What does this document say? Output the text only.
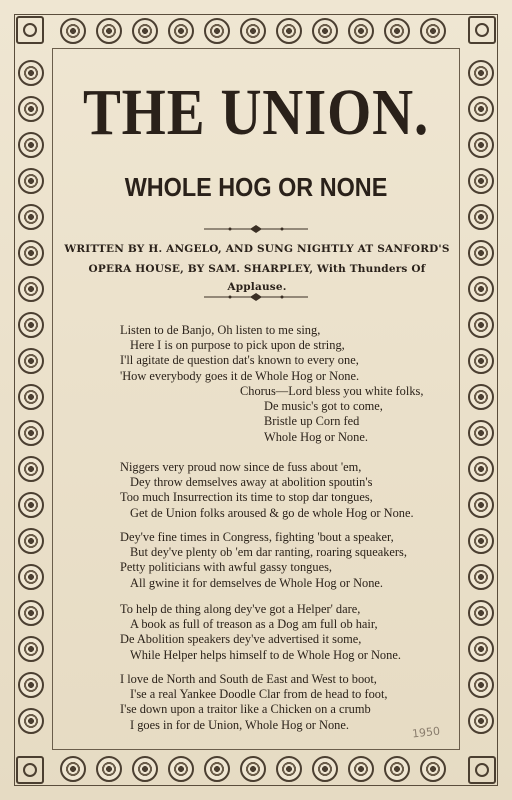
THE UNION.
WHOLE HOG OR NONE
WRITTEN BY H. ANGELO, AND SUNG NIGHTLY AT SANFORD'S
OPERA HOUSE, BY SAM. SHARPLEY, With Thunders Of Applause.
Listen to de Banjo, Oh listen to me sing,
Here I is on purpose to pick upon de string,
I'll agitate de question dat's known to every one,
'How everybody goes it de Whole Hog or None.
Chorus—Lord bless you white folks,
De music's got to come,
Bristle up Corn fed
Whole Hog or None.
Niggers very proud now since de fuss about 'em,
Dey throw demselves away at abolition spoutin's
Too much Insurrection its time to stop dar tongues,
Get de Union folks aroused & go de whole Hog or None.
Dey've fine times in Congress, fighting 'bout a speaker,
But dey've plenty ob 'em dar ranting, roaring squeakers,
Petty politicians with awful gassy tongues,
All gwine it for demselves de Whole Hog or None.
To help de thing along dey've got a Helper' dare,
A book as full of treason as a Dog am full ob hair,
De Abolition speakers dey've advertised it some,
While Helper helps himself to de Whole Hog or None.
I love de North and South de East and West to boot,
I'se a real Yankee Doodle Clar from de head to foot,
I'se down upon a traitor like a Chicken on a crumb
I goes in for de Union, Whole Hog or None.	1950
